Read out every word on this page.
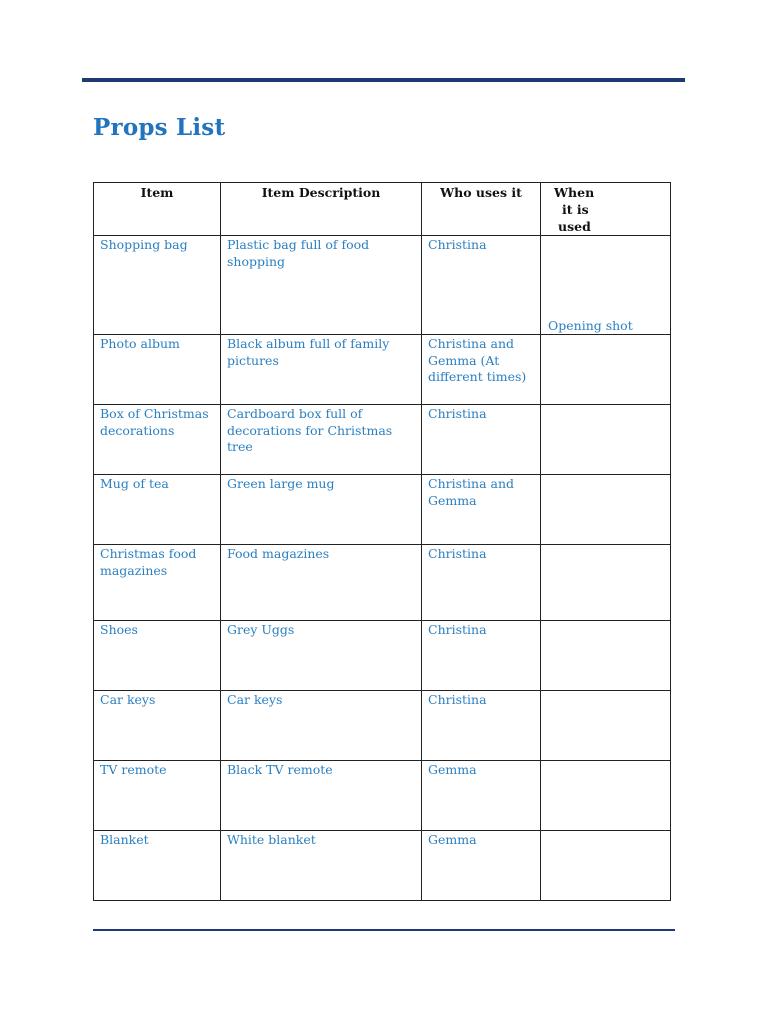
Props List
Item	Item Description	Who uses it	When
it is
used

Shopping bag	Plastic bag full of food shopping	Christina	Opening shot

Photo album	Black album full of family pictures	Christina and Gemma (At different times)	

Box of Christmas decorations	Cardboard box full of decorations for Christmas tree	Christina	

Mug of tea	Green large mug	Christina and Gemma	

Christmas food magazines	Food magazines	Christina	

Shoes	Grey Uggs	Christina	

Car keys	Car keys	Christina	

TV remote	Black TV remote	Gemma	

Blanket	White blanket	Gemma	
